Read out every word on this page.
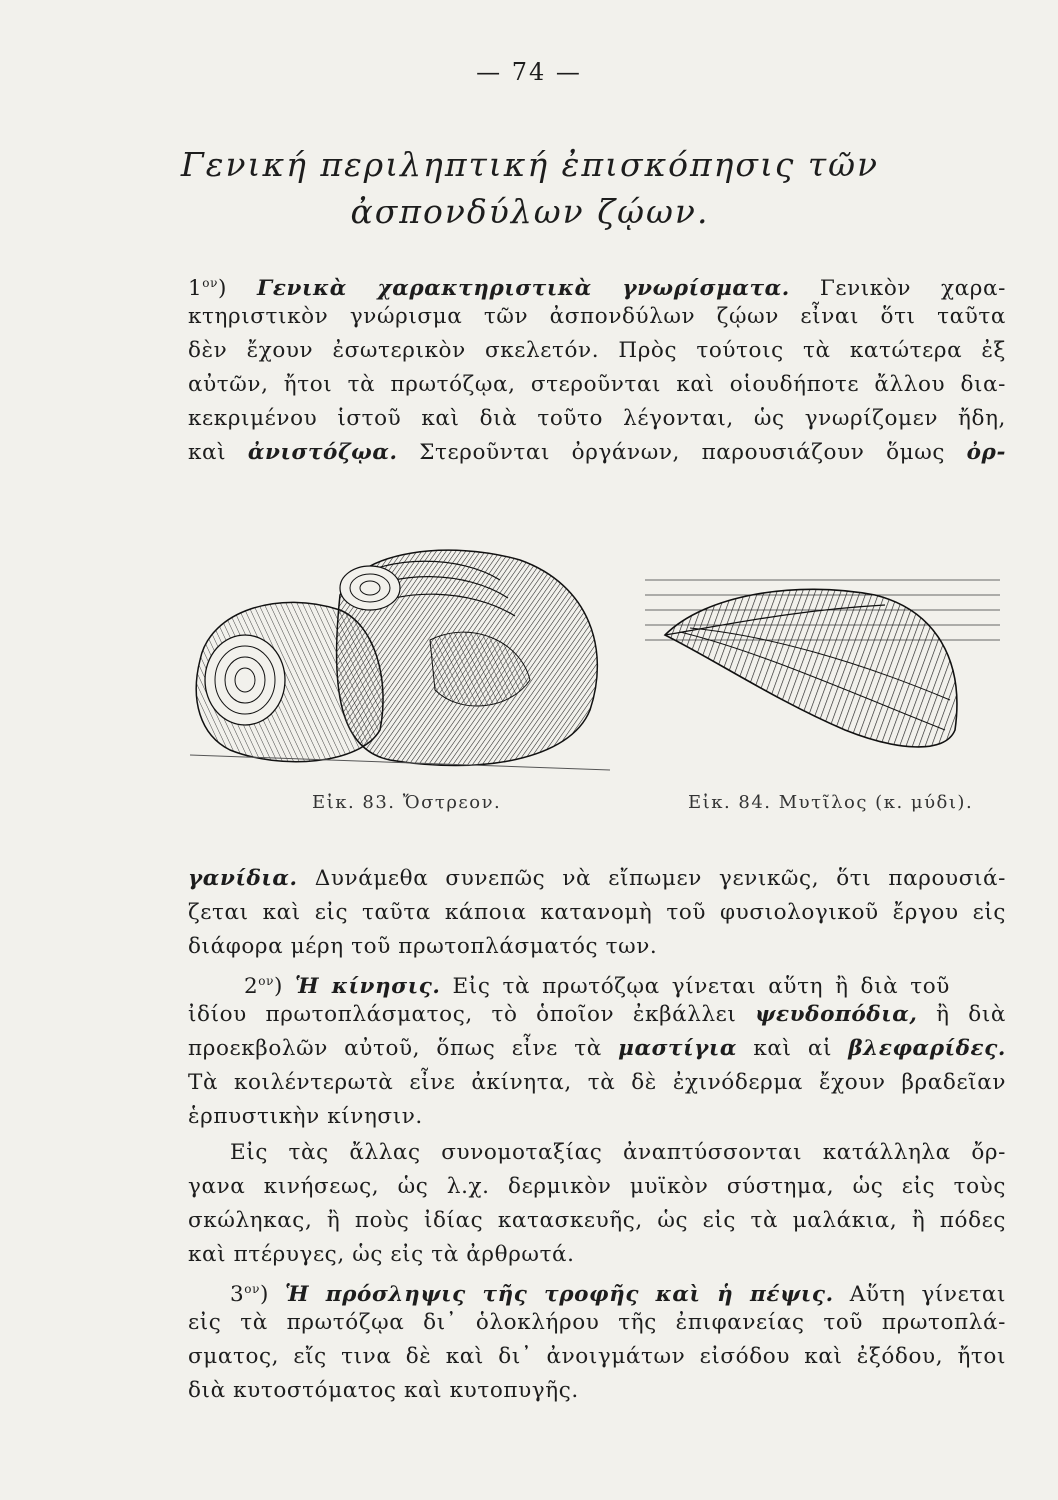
— 74 —
Γενική περιληπτική ἐπισκόπησις τῶν
ἀσπονδύλων ζῴων.
$1^{o\nu}$) Γενικὰ χαρακτηριστικὰ γνωρίσματα. Γενικὸν χαρα-
κτηριστικὸν γνώρισμα τῶν ἀσπονδύλων ζῴων εἶναι ὅτι ταῦτα
δὲν ἔχουν ἐσωτερικὸν σκελετόν. Πρὸς τούτοις τὰ κατώτερα ἐξ
αὐτῶν, ἤτοι τὰ πρωτόζῳα, στεροῦνται καὶ οἱουδήποτε ἄλλου δια-
κεκριμένου ἱστοῦ καὶ διὰ τοῦτο λέγονται, ὡς γνωρίζομεν ἤδη,
καὶ ἀνιστόζῳα. Στεροῦνται ὀργάνων, παρουσιάζουν ὅμως ὀρ-
Εἰκ. 83. Ὄστρεον.	Εἰκ. 84. Μυτῖλος (κ. μύδι).
γανίδια. Δυνάμεθα συνεπῶς νὰ εἴπωμεν γενικῶς, ὅτι παρουσιά-
ζεται καὶ εἰς ταῦτα κάποια κατανομὴ τοῦ φυσιολογικοῦ ἔργου εἰς
διάφορα μέρη τοῦ πρωτοπλάσματός των.
$2^{o\nu}$) Ἡ κίνησις. Εἰς τὰ πρωτόζῳα γίνεται αὕτη ἢ διὰ τοῦ
ἰδίου πρωτοπλάσματος, τὸ ὁποῖον ἐκβάλλει ψευδοπόδια, ἢ διὰ
προεκβολῶν αὐτοῦ, ὅπως εἶνε τὰ μαστίγια καὶ αἱ βλεφαρίδες.
Τὰ κοιλέντερωτὰ εἶνε ἀκίνητα, τὰ δὲ ἐχινόδερμα ἔχουν βραδεῖαν
ἑρπυστικὴν κίνησιν.
Εἰς τὰς ἄλλας συνομοταξίας ἀναπτύσσονται κατάλληλα ὄρ-
γανα κινήσεως, ὡς λ.χ. δερμικὸν μυϊκὸν σύστημα, ὡς εἰς τοὺς
σκώληκας, ἢ ποὺς ἰδίας κατασκευῆς, ὡς εἰς τὰ μαλάκια, ἢ πόδες
καὶ πτέρυγες, ὡς εἰς τὰ ἀρθρωτά.
$3^{o\nu}$) Ἡ πρόσληψις τῆς τροφῆς καὶ ἡ πέψις. Αὕτη γίνεται
εἰς τὰ πρωτόζῳα δι᾽ ὁλοκλήρου τῆς ἐπιφανείας τοῦ πρωτοπλά-
σματος, εἴς τινα δὲ καὶ δι᾽ ἀνοιγμάτων εἰσόδου καὶ ἐξόδου, ἤτοι
διὰ κυτοστόματος καὶ κυτοπυγῆς.
